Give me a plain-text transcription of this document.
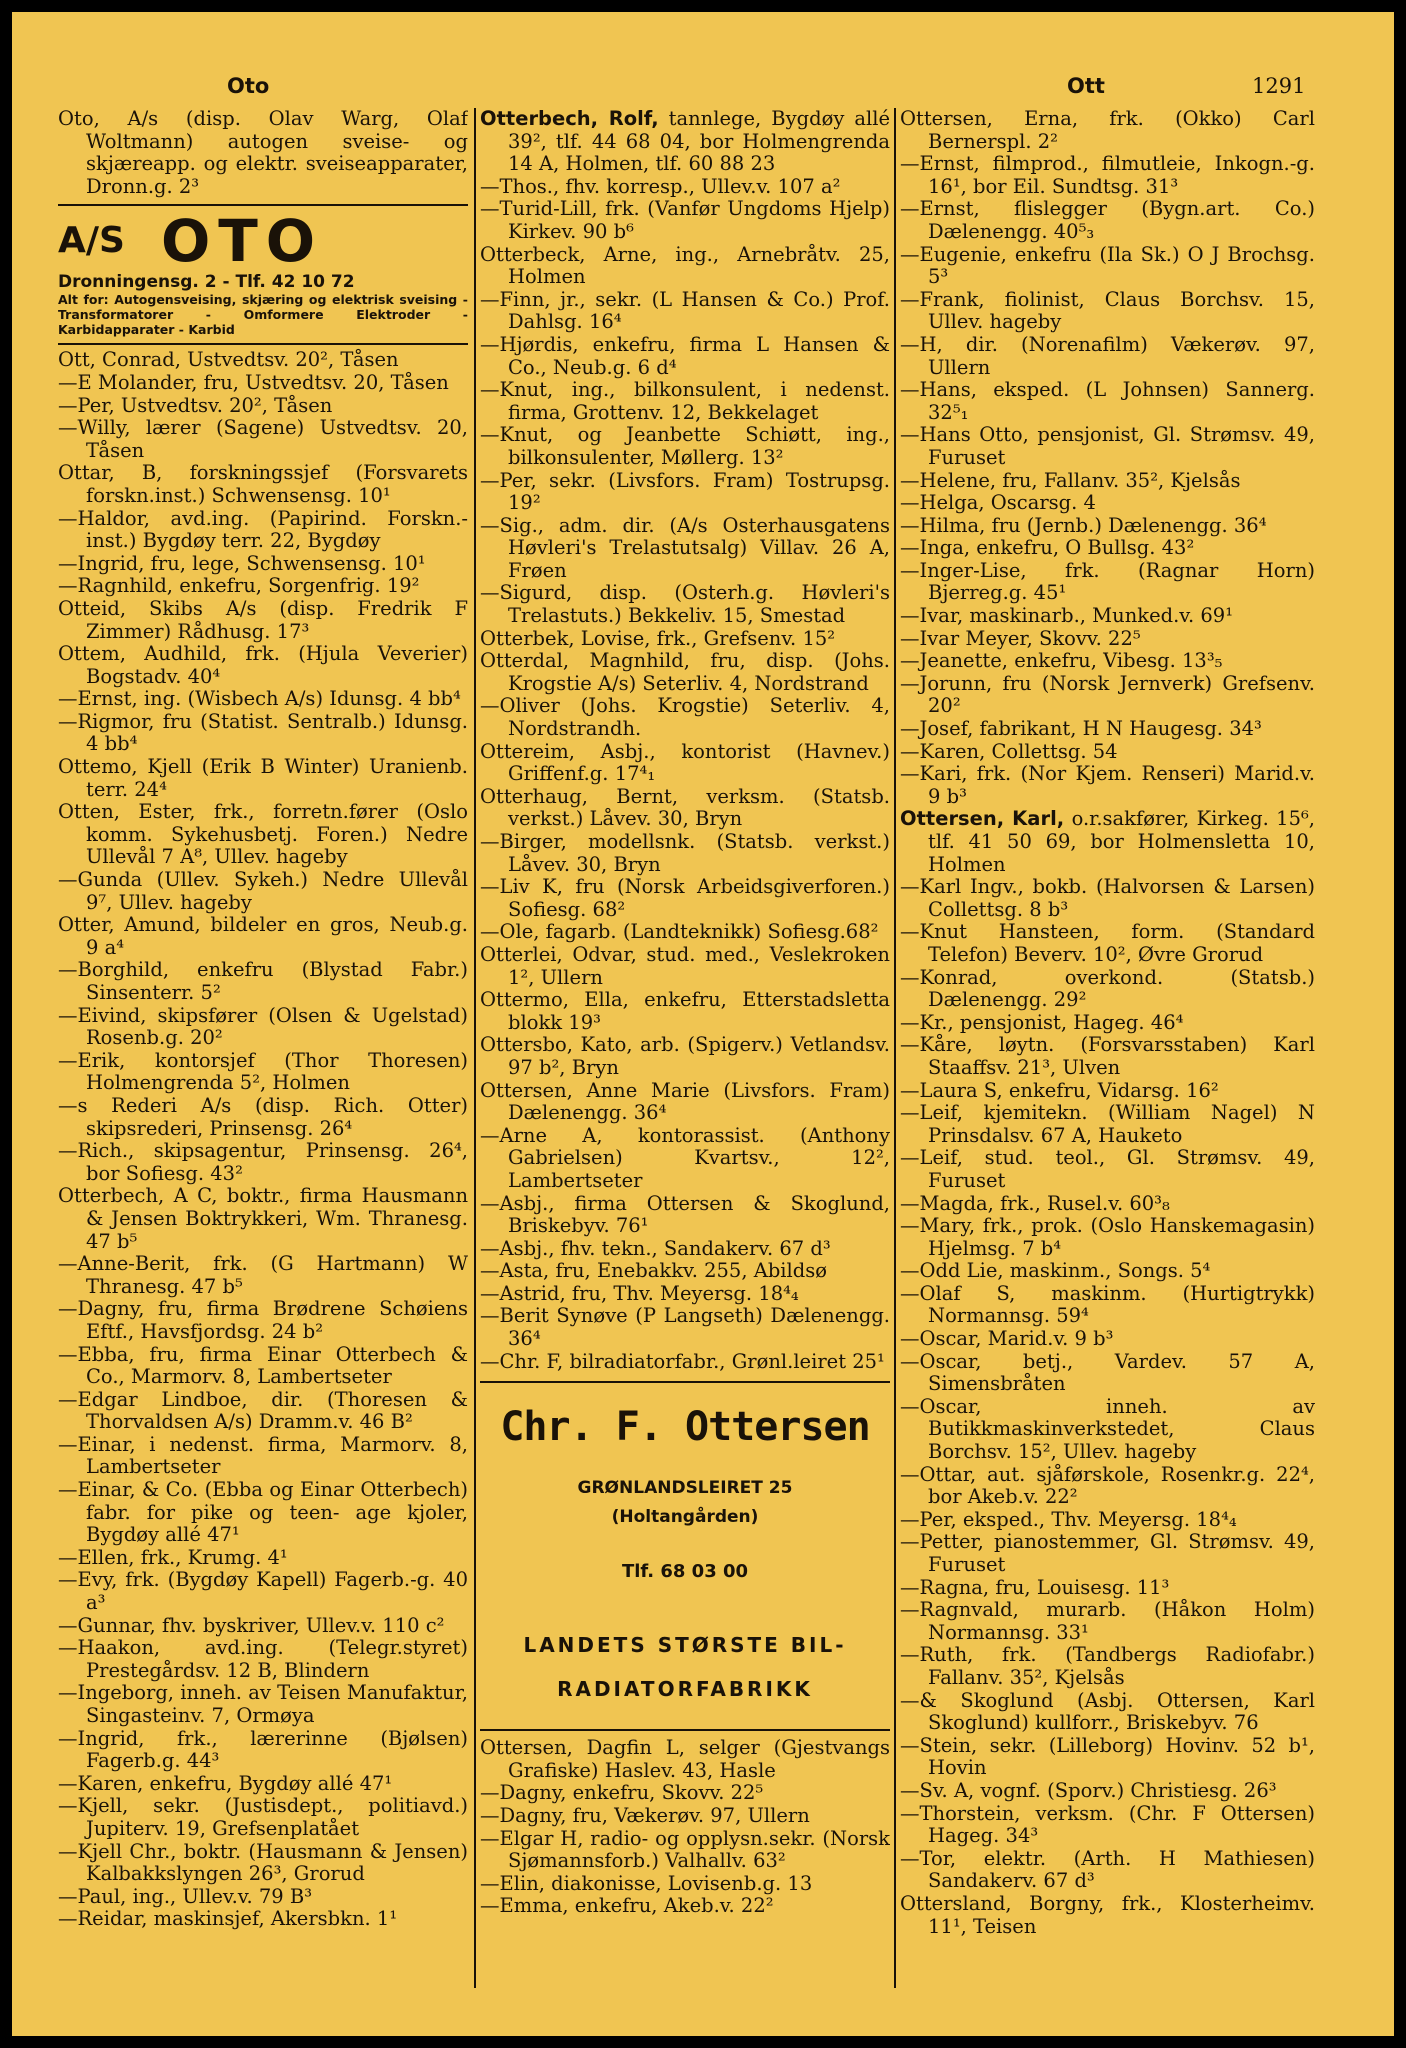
Oto	Ott	1291
Oto, A/s (disp. Olav Warg, Olaf Woltmann) autogen sveise- og skjæreapp. og elektr. sveiseapparater, Dronn.g. 2³
A/S OTO
Dronningensg. 2 - Tlf. 42 10 72
Alt for: Autogensveising, skjæring og elektrisk sveising - Transformatorer - Omformere Elektroder - Karbidapparater - Karbid
Ott, Conrad, Ustvedtsv. 20², Tåsen
—E Molander, fru, Ustvedtsv. 20, Tåsen
—Per, Ustvedtsv. 20², Tåsen
—Willy, lærer (Sagene) Ustvedtsv. 20, Tåsen
Ottar, B, forskningssjef (Forsvarets forskn.inst.) Schwensensg. 10¹
—Haldor, avd.ing. (Papirind. Forskn.-inst.) Bygdøy terr. 22, Bygdøy
—Ingrid, fru, lege, Schwensensg. 10¹
—Ragnhild, enkefru, Sorgenfrig. 19²
Otteid, Skibs A/s (disp. Fredrik F Zimmer) Rådhusg. 17³
Ottem, Audhild, frk. (Hjula Veverier) Bogstadv. 40⁴
—Ernst, ing. (Wisbech A/s) Idunsg. 4 bb⁴
—Rigmor, fru (Statist. Sentralb.) Idunsg. 4 bb⁴
Ottemo, Kjell (Erik B Winter) Uranienb. terr. 24⁴
Otten, Ester, frk., forretn.fører (Oslo komm. Sykehusbetj. Foren.) Nedre Ullevål 7 A⁸, Ullev. hageby
—Gunda (Ullev. Sykeh.) Nedre Ullevål 9⁷, Ullev. hageby
Otter, Amund, bildeler en gros, Neub.g. 9 a⁴
—Borghild, enkefru (Blystad Fabr.) Sinsenterr. 5²
—Eivind, skipsfører (Olsen & Ugelstad) Rosenb.g. 20²
—Erik, kontorsjef (Thor Thoresen) Holmengrenda 5², Holmen
—s Rederi A/s (disp. Rich. Otter) skipsrederi, Prinsensg. 26⁴
—Rich., skipsagentur, Prinsensg. 26⁴, bor Sofiesg. 43²
Otterbech, A C, boktr., firma Hausmann & Jensen Boktrykkeri, Wm. Thranesg. 47 b⁵
—Anne-Berit, frk. (G Hartmann) W Thranesg. 47 b⁵
—Dagny, fru, firma Brødrene Schøiens Eftf., Havsfjordsg. 24 b²
—Ebba, fru, firma Einar Otterbech & Co., Marmorv. 8, Lambertseter
—Edgar Lindboe, dir. (Thoresen & Thorvaldsen A/s) Dramm.v. 46 B²
—Einar, i nedenst. firma, Marmorv. 8, Lambertseter
—Einar, & Co. (Ebba og Einar Otterbech) fabr. for pike og teen- age kjoler, Bygdøy allé 47¹
—Ellen, frk., Krumg. 4¹
—Evy, frk. (Bygdøy Kapell) Fagerb.-g. 40 a³
—Gunnar, fhv. byskriver, Ullev.v. 110 c²
—Haakon, avd.ing. (Telegr.styret) Prestegårdsv. 12 B, Blindern
—Ingeborg, inneh. av Teisen Manufaktur, Singasteinv. 7, Ormøya
—Ingrid, frk., lærerinne (Bjølsen) Fagerb.g. 44³
—Karen, enkefru, Bygdøy allé 47¹
—Kjell, sekr. (Justisdept., politiavd.) Jupiterv. 19, Grefsenplatået
—Kjell Chr., boktr. (Hausmann & Jensen) Kalbakkslyngen 26³, Grorud
—Paul, ing., Ullev.v. 79 B³
—Reidar, maskinsjef, Akersbkn. 1¹
Otterbech, Rolf, tannlege, Bygdøy allé 39², tlf. 44 68 04, bor Holmengrenda 14 A, Holmen, tlf. 60 88 23
—Thos., fhv. korresp., Ullev.v. 107 a²
—Turid-Lill, frk. (Vanfør Ungdoms Hjelp) Kirkev. 90 b⁶
Otterbeck, Arne, ing., Arnebråtv. 25, Holmen
—Finn, jr., sekr. (L Hansen & Co.) Prof. Dahlsg. 16⁴
—Hjørdis, enkefru, firma L Hansen & Co., Neub.g. 6 d⁴
—Knut, ing., bilkonsulent, i nedenst. firma, Grottenv. 12, Bekkelaget
—Knut, og Jeanbette Schiøtt, ing., bilkonsulenter, Møllerg. 13²
—Per, sekr. (Livsfors. Fram) Tostrupsg. 19²
—Sig., adm. dir. (A/s Osterhausgatens Høvleri's Trelastutsalg) Villav. 26 A, Frøen
—Sigurd, disp. (Osterh.g. Høvleri's Trelastuts.) Bekkeliv. 15, Smestad
Otterbek, Lovise, frk., Grefsenv. 15²
Otterdal, Magnhild, fru, disp. (Johs. Krogstie A/s) Seterliv. 4, Nordstrand
—Oliver (Johs. Krogstie) Seterliv. 4, Nordstrandh.
Ottereim, Asbj., kontorist (Havnev.) Griffenf.g. 17⁴₁
Otterhaug, Bernt, verksm. (Statsb. verkst.) Låvev. 30, Bryn
—Birger, modellsnk. (Statsb. verkst.) Låvev. 30, Bryn
—Liv K, fru (Norsk Arbeidsgiverforen.) Sofiesg. 68²
—Ole, fagarb. (Landteknikk) Sofiesg.68²
Otterlei, Odvar, stud. med., Veslekroken 1², Ullern
Ottermo, Ella, enkefru, Etterstadsletta blokk 19³
Ottersbo, Kato, arb. (Spigerv.) Vetlandsv. 97 b², Bryn
Ottersen, Anne Marie (Livsfors. Fram) Dælenengg. 36⁴
—Arne A, kontorassist. (Anthony Gabrielsen) Kvartsv., 12², Lambertseter
—Asbj., firma Ottersen & Skoglund, Briskebyv. 76¹
—Asbj., fhv. tekn., Sandakerv. 67 d³
—Asta, fru, Enebakkv. 255, Abildsø
—Astrid, fru, Thv. Meyersg. 18⁴₄
—Berit Synøve (P Langseth) Dælenengg. 36⁴
—Chr. F, bilradiatorfabr., Grønl.leiret 25¹
Chr. F. Ottersen
GRØNLANDSLEIRET 25
(Holtangården)
Tlf. 68 03 00
LANDETS STØRSTE BIL-RADIATORFABRIKK
Ottersen, Dagfin L, selger (Gjestvangs Grafiske) Haslev. 43, Hasle
—Dagny, enkefru, Skovv. 22⁵
—Dagny, fru, Vækerøv. 97, Ullern
—Elgar H, radio- og opplysn.sekr. (Norsk Sjømannsforb.) Valhallv. 63²
—Elin, diakonisse, Lovisenb.g. 13
—Emma, enkefru, Akeb.v. 22²
Ottersen, Erna, frk. (Okko) Carl Bernerspl. 2²
—Ernst, filmprod., filmutleie, Inkogn.-g. 16¹, bor Eil. Sundtsg. 31³
—Ernst, flislegger (Bygn.art. Co.) Dælenengg. 40⁵₃
—Eugenie, enkefru (Ila Sk.) O J Brochsg. 5³
—Frank, fiolinist, Claus Borchsv. 15, Ullev. hageby
—H, dir. (Norenafilm) Vækerøv. 97, Ullern
—Hans, eksped. (L Johnsen) Sannerg. 32⁵₁
—Hans Otto, pensjonist, Gl. Strømsv. 49, Furuset
—Helene, fru, Fallanv. 35², Kjelsås
—Helga, Oscarsg. 4
—Hilma, fru (Jernb.) Dælenengg. 36⁴
—Inga, enkefru, O Bullsg. 43²
—Inger-Lise, frk. (Ragnar Horn) Bjerreg.g. 45¹
—Ivar, maskinarb., Munked.v. 69¹
—Ivar Meyer, Skovv. 22⁵
—Jeanette, enkefru, Vibesg. 13³₅
—Jorunn, fru (Norsk Jernverk) Grefsenv. 20²
—Josef, fabrikant, H N Haugesg. 34³
—Karen, Collettsg. 54
—Kari, frk. (Nor Kjem. Renseri) Marid.v. 9 b³
Ottersen, Karl, o.r.sakfører, Kirkeg. 15⁶, tlf. 41 50 69, bor Holmensletta 10, Holmen
—Karl Ingv., bokb. (Halvorsen & Larsen) Collettsg. 8 b³
—Knut Hansteen, form. (Standard Telefon) Beverv. 10², Øvre Grorud
—Konrad, overkond. (Statsb.) Dælenengg. 29²
—Kr., pensjonist, Hageg. 46⁴
—Kåre, løytn. (Forsvarsstaben) Karl Staaffsv. 21³, Ulven
—Laura S, enkefru, Vidarsg. 16²
—Leif, kjemitekn. (William Nagel) N Prinsdalsv. 67 A, Hauketo
—Leif, stud. teol., Gl. Strømsv. 49, Furuset
—Magda, frk., Rusel.v. 60³₈
—Mary, frk., prok. (Oslo Hanskemagasin) Hjelmsg. 7 b⁴
—Odd Lie, maskinm., Songs. 5⁴
—Olaf S, maskinm. (Hurtigtrykk) Normannsg. 59⁴
—Oscar, Marid.v. 9 b³
—Oscar, betj., Vardev. 57 A, Simensbråten
—Oscar, inneh. av Butikkmaskinverkstedet, Claus Borchsv. 15², Ullev. hageby
—Ottar, aut. sjåførskole, Rosenkr.g. 22⁴, bor Akeb.v. 22²
—Per, eksped., Thv. Meyersg. 18⁴₄
—Petter, pianostemmer, Gl. Strømsv. 49, Furuset
—Ragna, fru, Louisesg. 11³
—Ragnvald, murarb. (Håkon Holm) Normannsg. 33¹
—Ruth, frk. (Tandbergs Radiofabr.) Fallanv. 35², Kjelsås
—& Skoglund (Asbj. Ottersen, Karl Skoglund) kullforr., Briskebyv. 76
—Stein, sekr. (Lilleborg) Hovinv. 52 b¹, Hovin
—Sv. A, vognf. (Sporv.) Christiesg. 26³
—Thorstein, verksm. (Chr. F Ottersen) Hageg. 34³
—Tor, elektr. (Arth. H Mathiesen) Sandakerv. 67 d³
Ottersland, Borgny, frk., Klosterheimv. 11¹, Teisen
